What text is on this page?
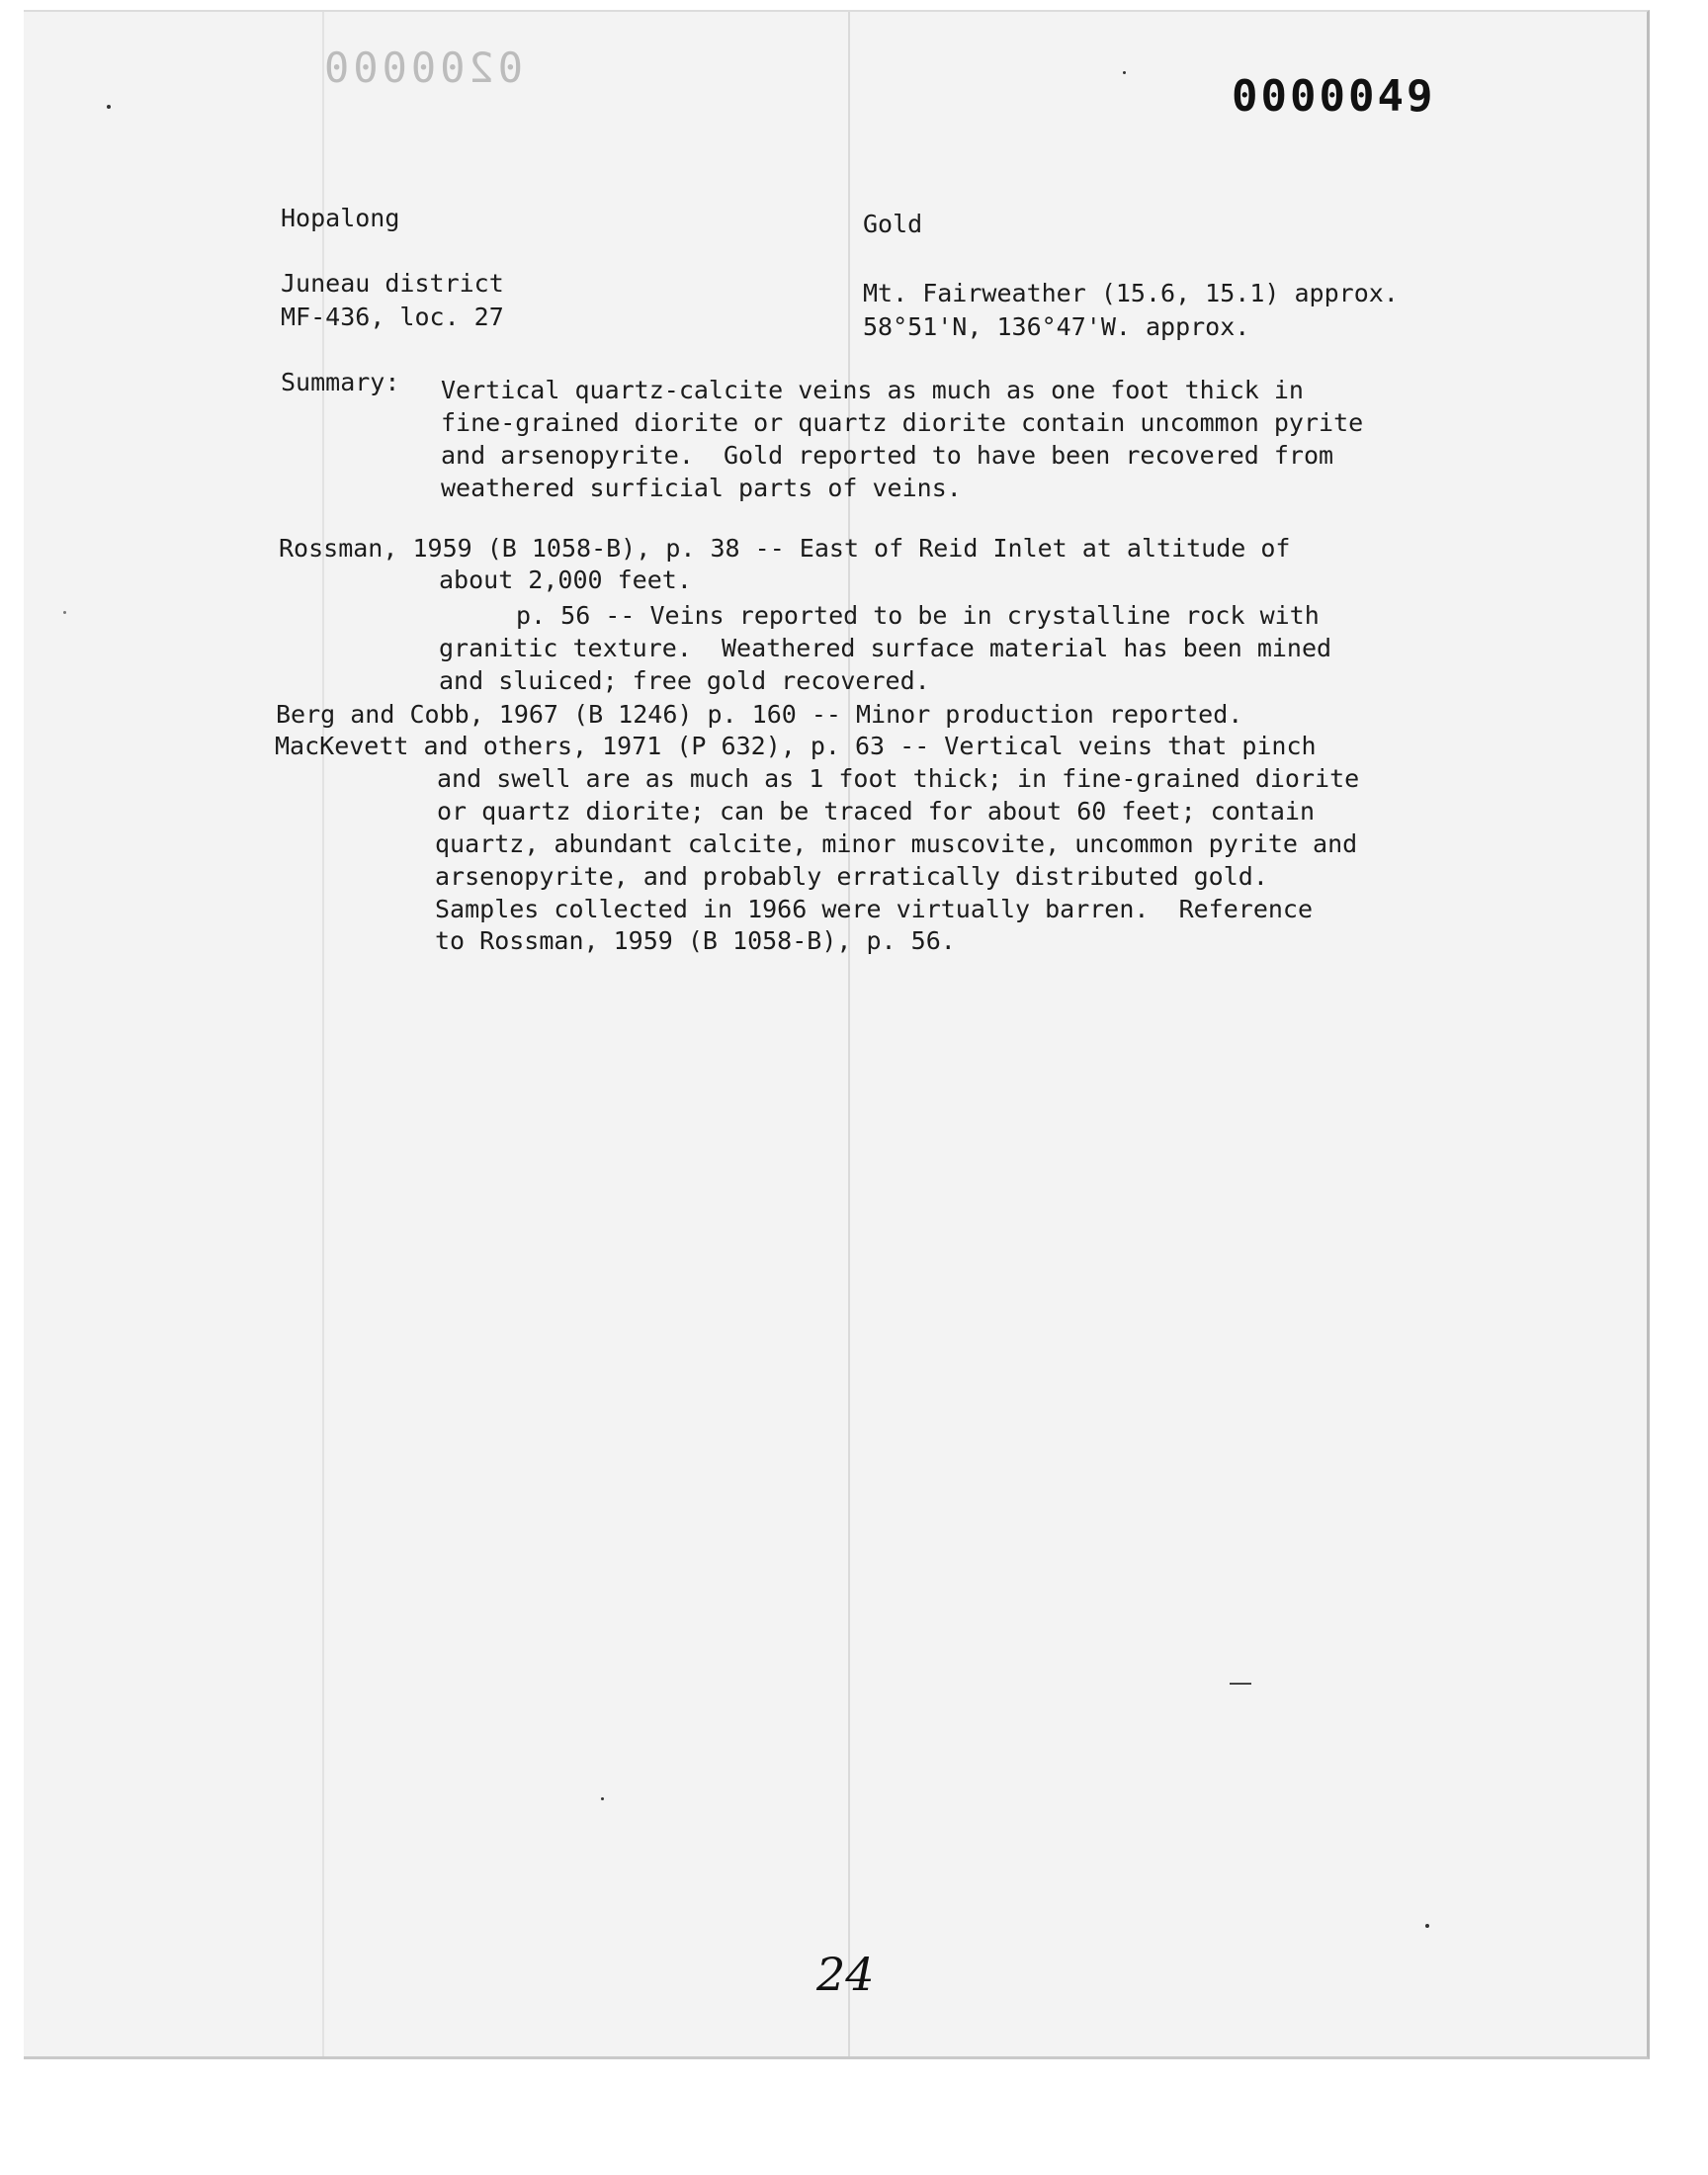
0200000
0000049
Hopalong	Gold
Juneau district
MF-436, loc. 27
Mt. Fairweather (15.6, 15.1) approx.
58°51'N, 136°47'W. approx.
Summary: Vertical quartz-calcite veins as much as one foot thick in
fine-grained diorite or quartz diorite contain uncommon pyrite
and arsenopyrite.  Gold reported to have been recovered from
weathered surficial parts of veins.
Rossman, 1959 (B 1058-B), p. 38 -- East of Reid Inlet at altitude of
about 2,000 feet.
p. 56 -- Veins reported to be in crystalline rock with
granitic texture.  Weathered surface material has been mined
and sluiced; free gold recovered.
Berg and Cobb, 1967 (B 1246) p. 160 -- Minor production reported.
MacKevett and others, 1971 (P 632), p. 63 -- Vertical veins that pinch
and swell are as much as 1 foot thick; in fine-grained diorite
or quartz diorite; can be traced for about 60 feet; contain
quartz, abundant calcite, minor muscovite, uncommon pyrite and
arsenopyrite, and probably erratically distributed gold.
Samples collected in 1966 were virtually barren.  Reference
to Rossman, 1959 (B 1058-B), p. 56.
24
